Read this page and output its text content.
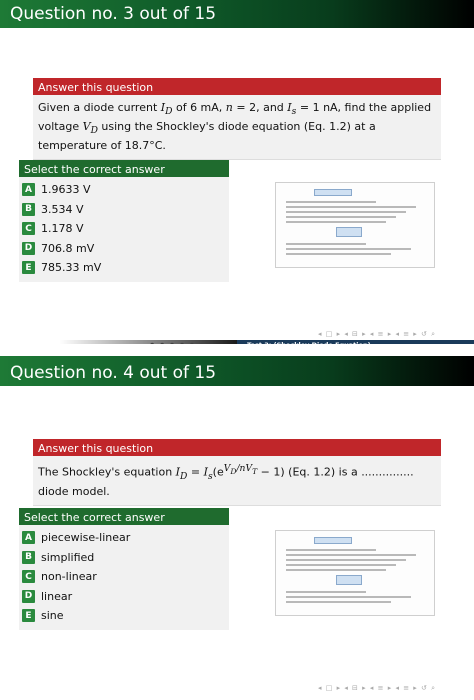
Question no. 3 out of 15
Answer this question
Given a diode current $I_D$ of 6 mA, n = 2, and $I_s = 1$ nA, find the applied voltage $V_D$ using the Shockley's diode equation (Eq. 1.2) at a temperature of 18.7°C.
Select the correct answer
A 1.9633 V
B 3.534 V
C 1.178 V
D 706.8 mV
E 785.33 mV
◂ □ ▸ ◂ ⊟ ▸ ◂ ≡ ▸ ◂ ≡ ▸ ↺ ⌕
Question no. 4 out of 15
Answer this question
The Shockley's equation $I_D = I_s(e^{V_D/nV_T} - 1)$ (Eq. 1.2) is a ............... diode model.
Select the correct answer
A piecewise-linear
B simplified
C non-linear
D linear
E sine
◂ □ ▸ ◂ ⊟ ▸ ◂ ≡ ▸ ◂ ≡ ▸ ↺ ⌕
